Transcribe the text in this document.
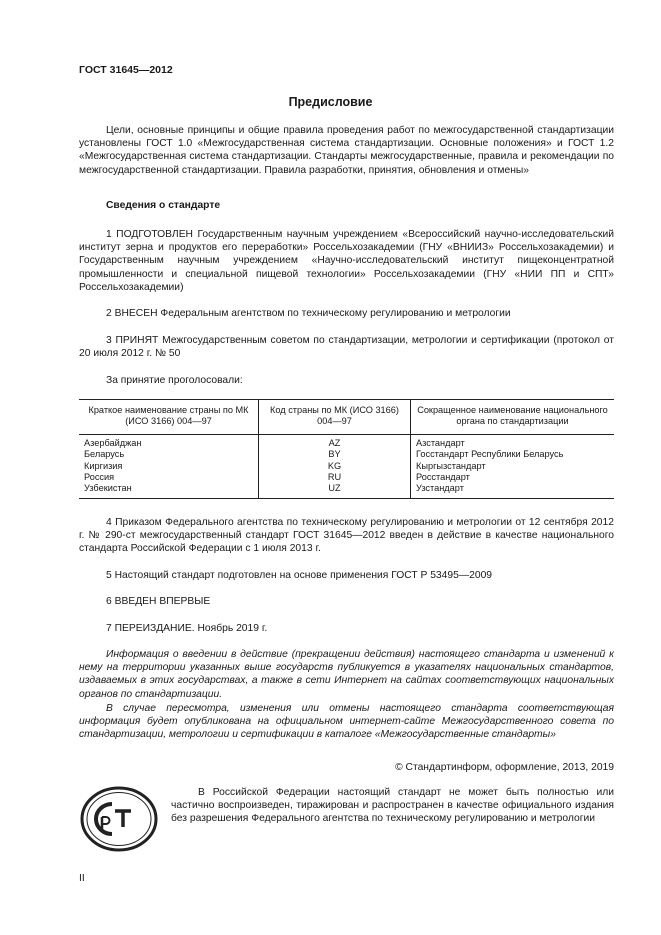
ГОСТ 31645—2012
Предисловие

Цели, основные принципы и общие правила проведения работ по межгосударственной стандартизации установлены ГОСТ 1.0 «Межгосударственная система стандартизации. Основные положения» и ГОСТ 1.2 «Межгосударственная система стандартизации. Стандарты межгосударственные, правила и рекомендации по межгосударственной стандартизации. Правила разработки, принятия, обновления и отмены»

Сведения о стандарте

1 ПОДГОТОВЛЕН Государственным научным учреждением «Всероссийский научно-исследовательский институт зерна и продуктов его переработки» Россельхозакадемии (ГНУ «ВНИИЗ» Россельхозакадемии) и Государственным научным учреждением «Научно-исследовательский институт пищеконцентратной промышленности и специальной пищевой технологии» Россельхозакадемии (ГНУ «НИИ ПП и СПТ» Россельхозакадемии)

2 ВНЕСЕН Федеральным агентством по техническому регулированию и метрологии

3 ПРИНЯТ Межгосударственным советом по стандартизации, метрологии и сертификации (протокол от 20 июля 2012 г. № 50

За принятие проголосовали:

Краткое наименование страны по МК (ИСО 3166) 004—97	Код страны по МК (ИСО 3166) 004—97	Сокращенное наименование национального органа по стандартизации
Азербайджан	AZ	Азстандарт
Беларусь	BY	Госстандарт Республики Беларусь
Киргизия	KG	Кыргызстандарт
Россия	RU	Росстандарт
Узбекистан	UZ	Узстандарт

4 Приказом Федерального агентства по техническому регулированию и метрологии от 12 сентября 2012 г. № 290-ст межгосударственный стандарт ГОСТ 31645—2012 введен в действие в качестве национального стандарта Российской Федерации с 1 июля 2013 г.

5 Настоящий стандарт подготовлен на основе применения ГОСТ Р 53495—2009

6 ВВЕДЕН ВПЕРВЫЕ

7 ПЕРЕИЗДАНИЕ. Ноябрь 2019 г.

Информация о введении в действие (прекращении действия) настоящего стандарта и изменений к нему на территории указанных выше государств публикуется в указателях национальных стандартов, издаваемых в этих государствах, а также в сети Интернет на сайтах соответствующих национальных органов по стандартизации.

В случае пересмотра, изменения или отмены настоящего стандарта соответствующая информация будет опубликована на официальном интернет-сайте Межгосударственного совета по стандартизации, метрологии и сертификации в каталоге «Межгосударственные стандарты»

© Стандартинформ, оформление, 2013, 2019

В Российской Федерации настоящий стандарт не может быть полностью или частично воспроизведен, тиражирован и распространен в качестве официального издания без разрешения Федерального агентства по техническому регулированию и метрологии

II
